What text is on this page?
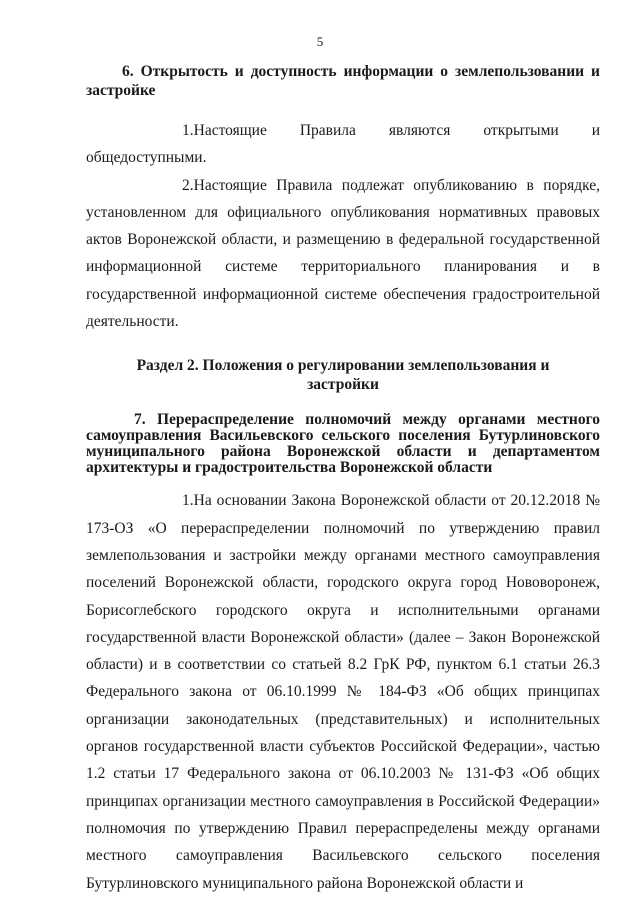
5

6. Открытость и доступность информации о землепользовании и застройке

1.Настоящие Правила являются открытыми и общедоступными.

2.Настоящие Правила подлежат опубликованию в порядке, установленном для официального опубликования нормативных правовых актов Воронежской области, и размещению в федеральной государственной информационной системе территориального планирования и в государственной информационной системе обеспечения градостроительной деятельности.

Раздел 2. Положения о регулировании землепользования и застройки

7. Перераспределение полномочий между органами местного самоуправления Васильевского сельского поселения Бутурлиновского муниципального района Воронежской области и департаментом архитектуры и градостроительства Воронежской области

1.На основании Закона Воронежской области от 20.12.2018 № 173-ОЗ «О перераспределении полномочий по утверждению правил землепользования и застройки между органами местного самоуправления поселений Воронежской области, городского округа город Нововоронеж, Борисоглебского городского округа и исполнительными органами государственной власти Воронежской области» (далее – Закон Воронежской области) и в соответствии со статьей 8.2 ГрК РФ, пунктом 6.1 статьи 26.3 Федерального закона от 06.10.1999 № 184-ФЗ «Об общих принципах организации законодательных (представительных) и исполнительных органов государственной власти субъектов Российской Федерации», частью 1.2 статьи 17 Федерального закона от 06.10.2003 № 131-ФЗ «Об общих принципах организации местного самоуправления в Российской Федерации» полномочия по утверждению Правил перераспределены между органами местного самоуправления Васильевского сельского поселения Бутурлиновского муниципального района Воронежской области и
